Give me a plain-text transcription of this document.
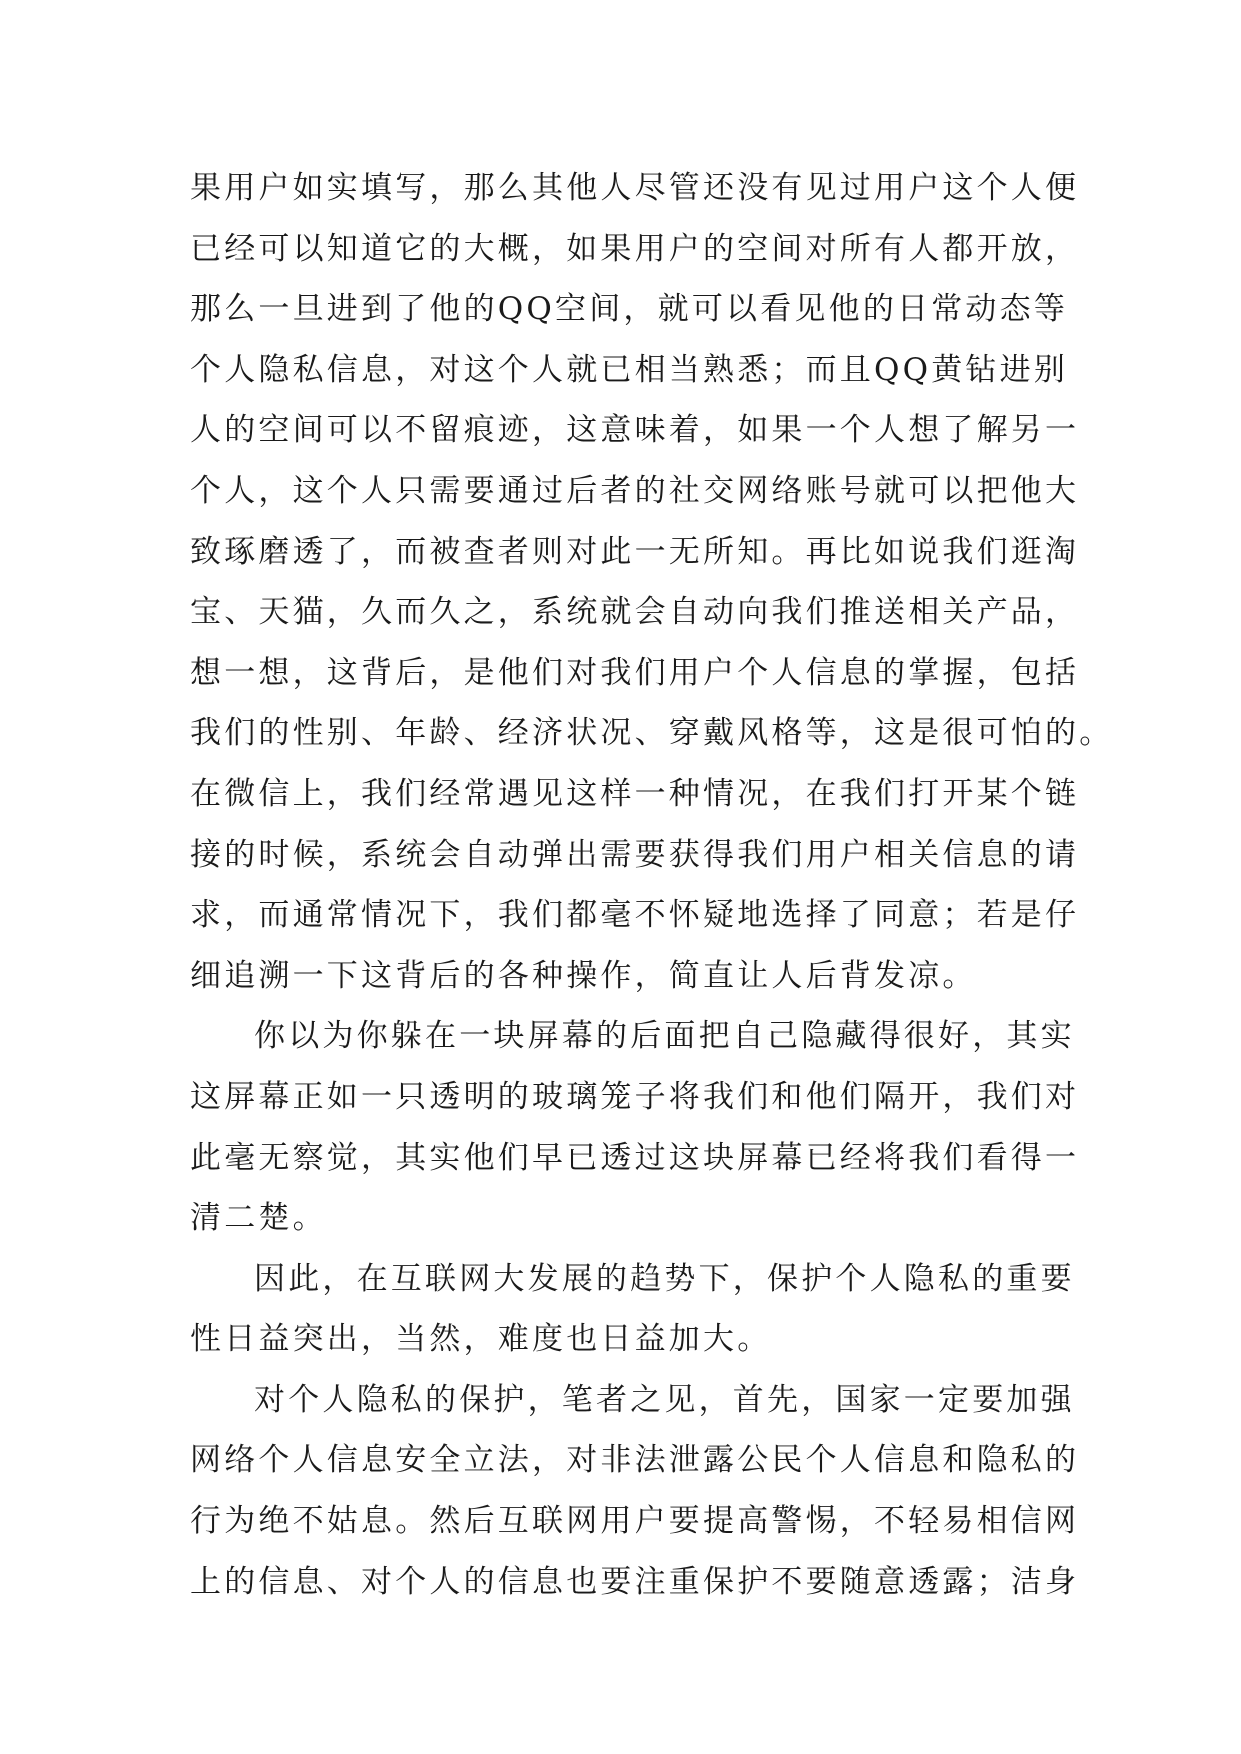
果用户如实填写，那么其他人尽管还没有见过用户这个人便
已经可以知道它的大概，如果用户的空间对所有人都开放，
那么一旦进到了他的QQ空间，就可以看见他的日常动态等
个人隐私信息，对这个人就已相当熟悉；而且QQ黄钻进别
人的空间可以不留痕迹，这意味着，如果一个人想了解另一
个人，这个人只需要通过后者的社交网络账号就可以把他大
致琢磨透了，而被查者则对此一无所知。再比如说我们逛淘
宝、天猫，久而久之，系统就会自动向我们推送相关产品，
想一想，这背后，是他们对我们用户个人信息的掌握，包括
我们的性别、年龄、经济状况、穿戴风格等，这是很可怕的。
在微信上，我们经常遇见这样一种情况，在我们打开某个链
接的时候，系统会自动弹出需要获得我们用户相关信息的请
求，而通常情况下，我们都毫不怀疑地选择了同意；若是仔
细追溯一下这背后的各种操作，简直让人后背发凉。
你以为你躲在一块屏幕的后面把自己隐藏得很好，其实
这屏幕正如一只透明的玻璃笼子将我们和他们隔开，我们对
此毫无察觉，其实他们早已透过这块屏幕已经将我们看得一
清二楚。
因此，在互联网大发展的趋势下，保护个人隐私的重要
性日益突出，当然，难度也日益加大。
对个人隐私的保护，笔者之见，首先，国家一定要加强
网络个人信息安全立法，对非法泄露公民个人信息和隐私的
行为绝不姑息。然后互联网用户要提高警惕，不轻易相信网
上的信息、对个人的信息也要注重保护不要随意透露；洁身
